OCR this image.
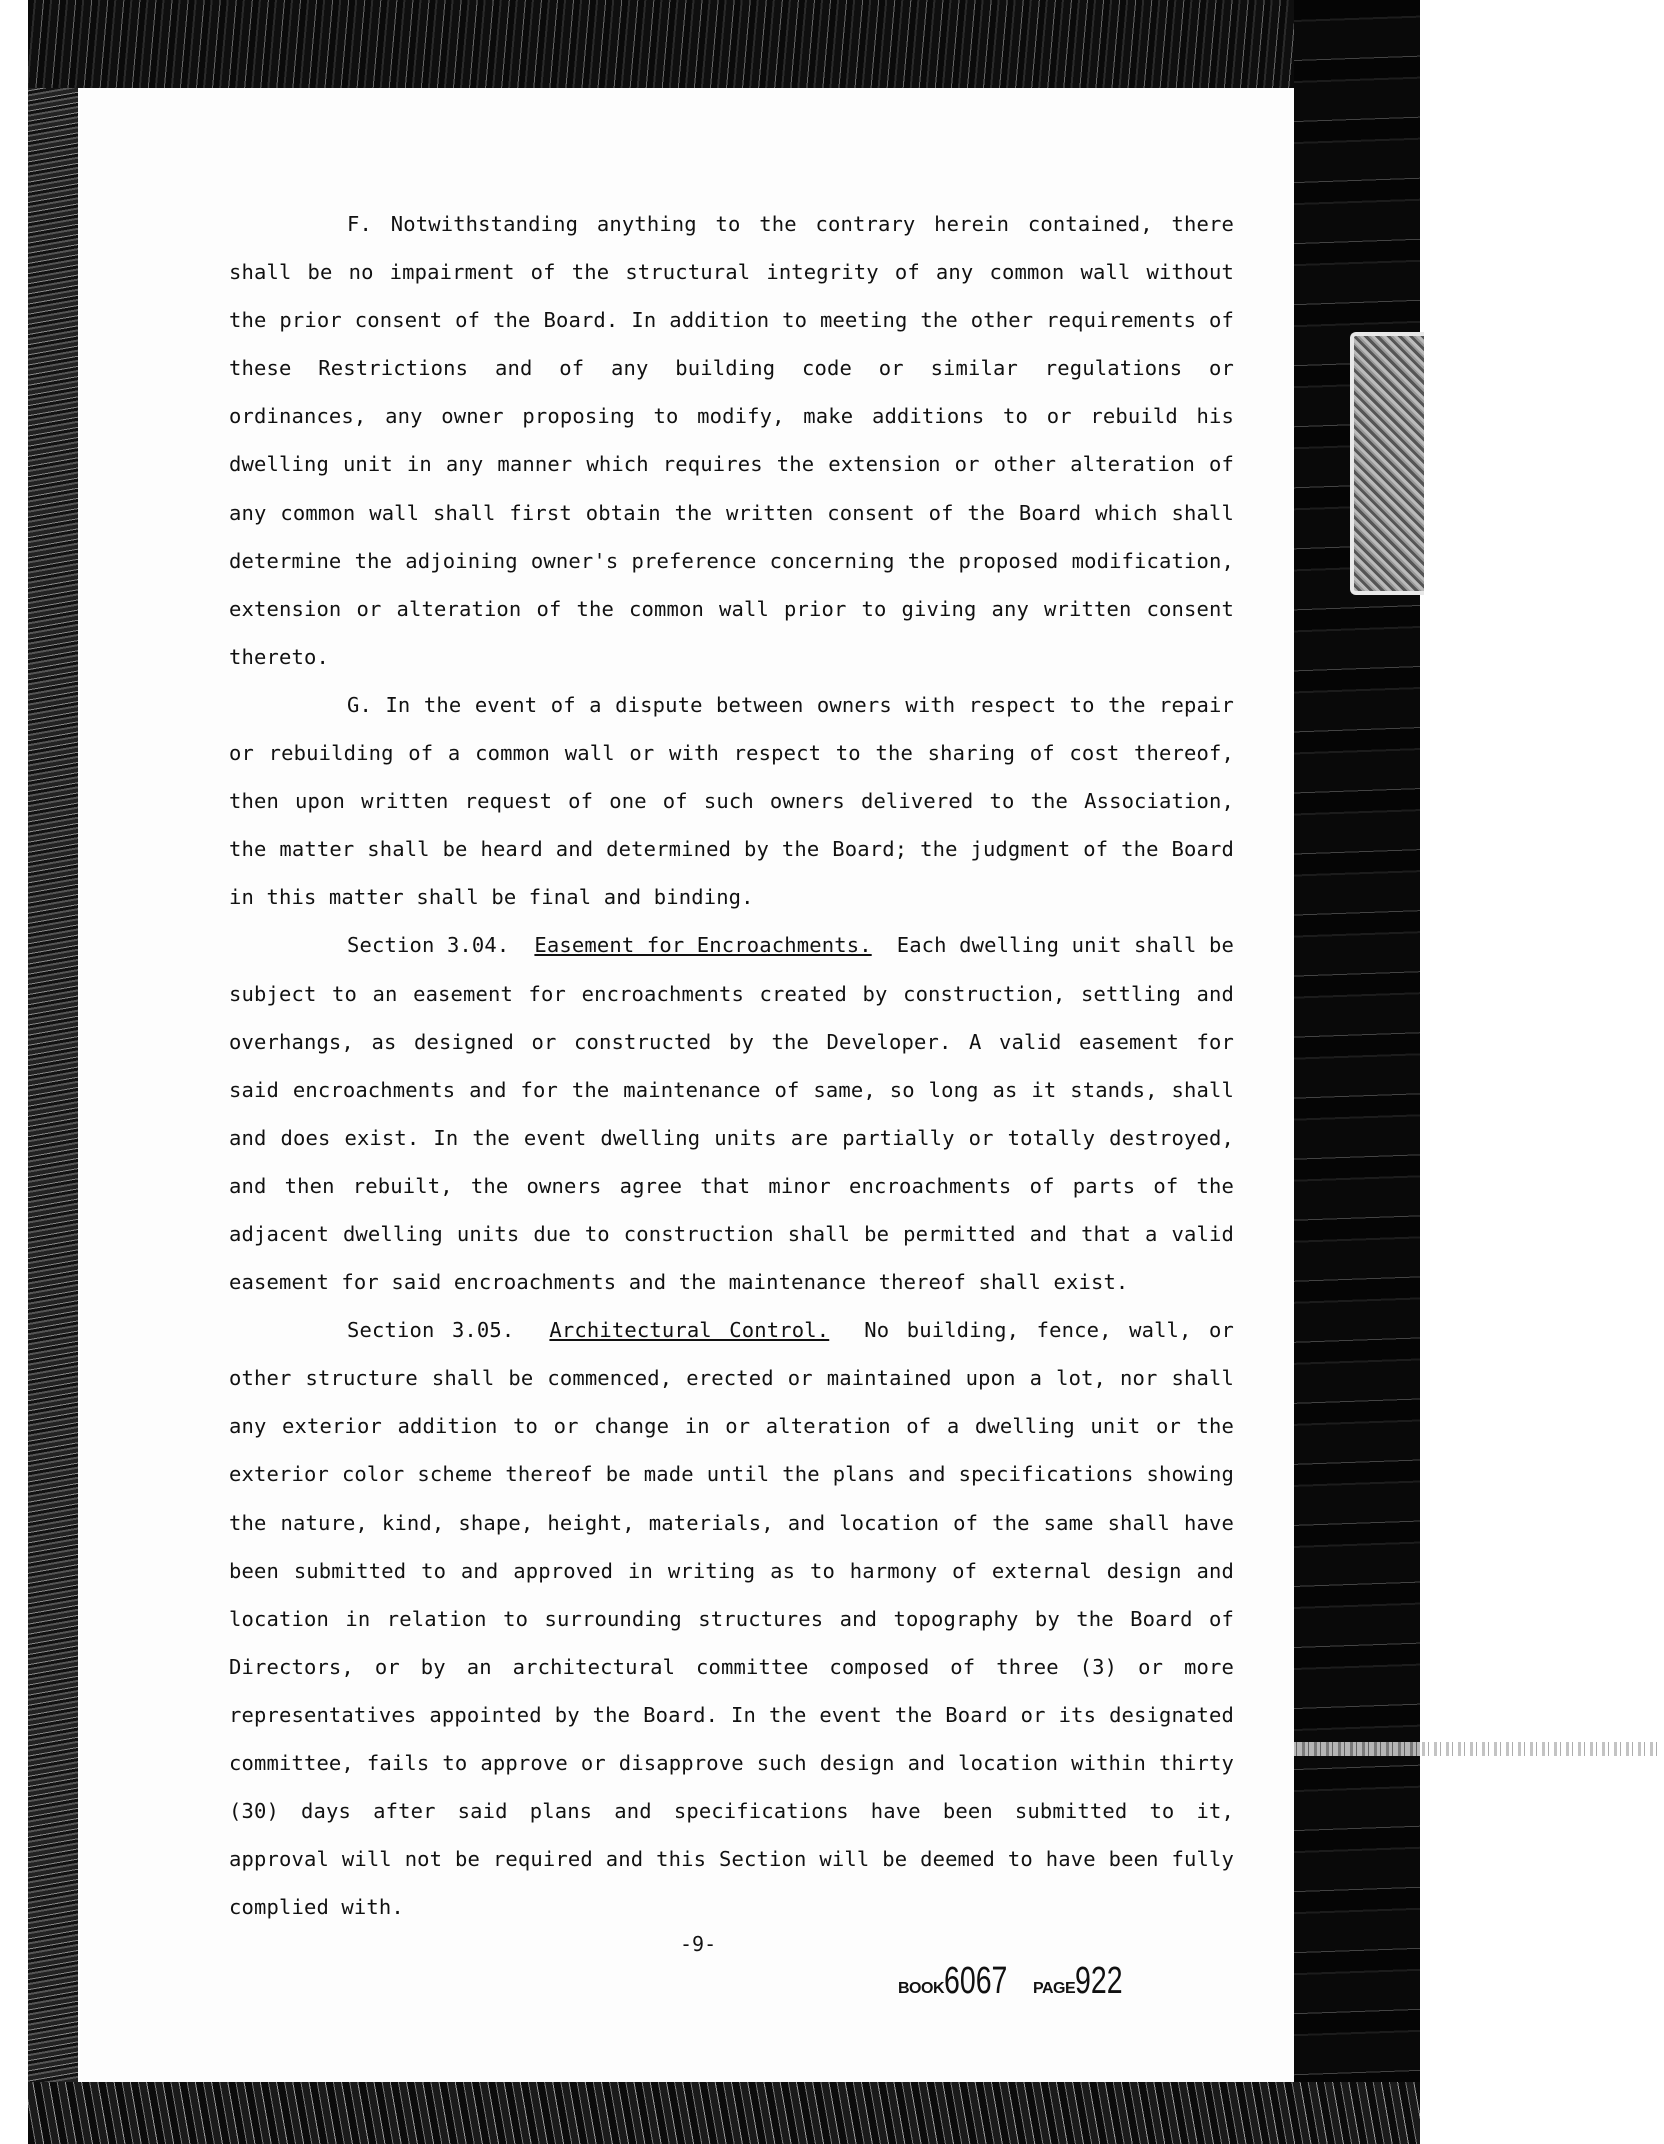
F. Notwithstanding anything to the contrary herein contained, there shall be no impairment of the structural integrity of any common wall without the prior consent of the Board. In addition to meeting the other requirements of these Restrictions and of any building code or similar regulations or ordinances, any owner proposing to modify, make additions to or rebuild his dwelling unit in any manner which requires the extension or other alteration of any common wall shall first obtain the written consent of the Board which shall determine the adjoining owner's preference concerning the proposed modification, extension or alteration of the common wall prior to giving any written consent thereto.

G. In the event of a dispute between owners with respect to the repair or rebuilding of a common wall or with respect to the sharing of cost thereof, then upon written request of one of such owners delivered to the Association, the matter shall be heard and determined by the Board; the judgment of the Board in this matter shall be final and binding.

Section 3.04. Easement for Encroachments. Each dwelling unit shall be subject to an easement for encroachments created by construction, settling and overhangs, as designed or constructed by the Developer. A valid easement for said encroachments and for the maintenance of same, so long as it stands, shall and does exist. In the event dwelling units are partially or totally destroyed, and then rebuilt, the owners agree that minor encroachments of parts of the adjacent dwelling units due to construction shall be permitted and that a valid easement for said encroachments and the maintenance thereof shall exist.

Section 3.05. Architectural Control. No building, fence, wall, or other structure shall be commenced, erected or maintained upon a lot, nor shall any exterior addition to or change in or alteration of a dwelling unit or the exterior color scheme thereof be made until the plans and specifications showing the nature, kind, shape, height, materials, and location of the same shall have been submitted to and approved in writing as to harmony of external design and location in relation to surrounding structures and topography by the Board of Directors, or by an architectural committee composed of three (3) or more representatives appointed by the Board. In the event the Board or its designated committee, fails to approve or disapprove such design and location within thirty (30) days after said plans and specifications have been submitted to it, approval will not be required and this Section will be deemed to have been fully complied with.

-9-
BOOK6067 PAGE922
